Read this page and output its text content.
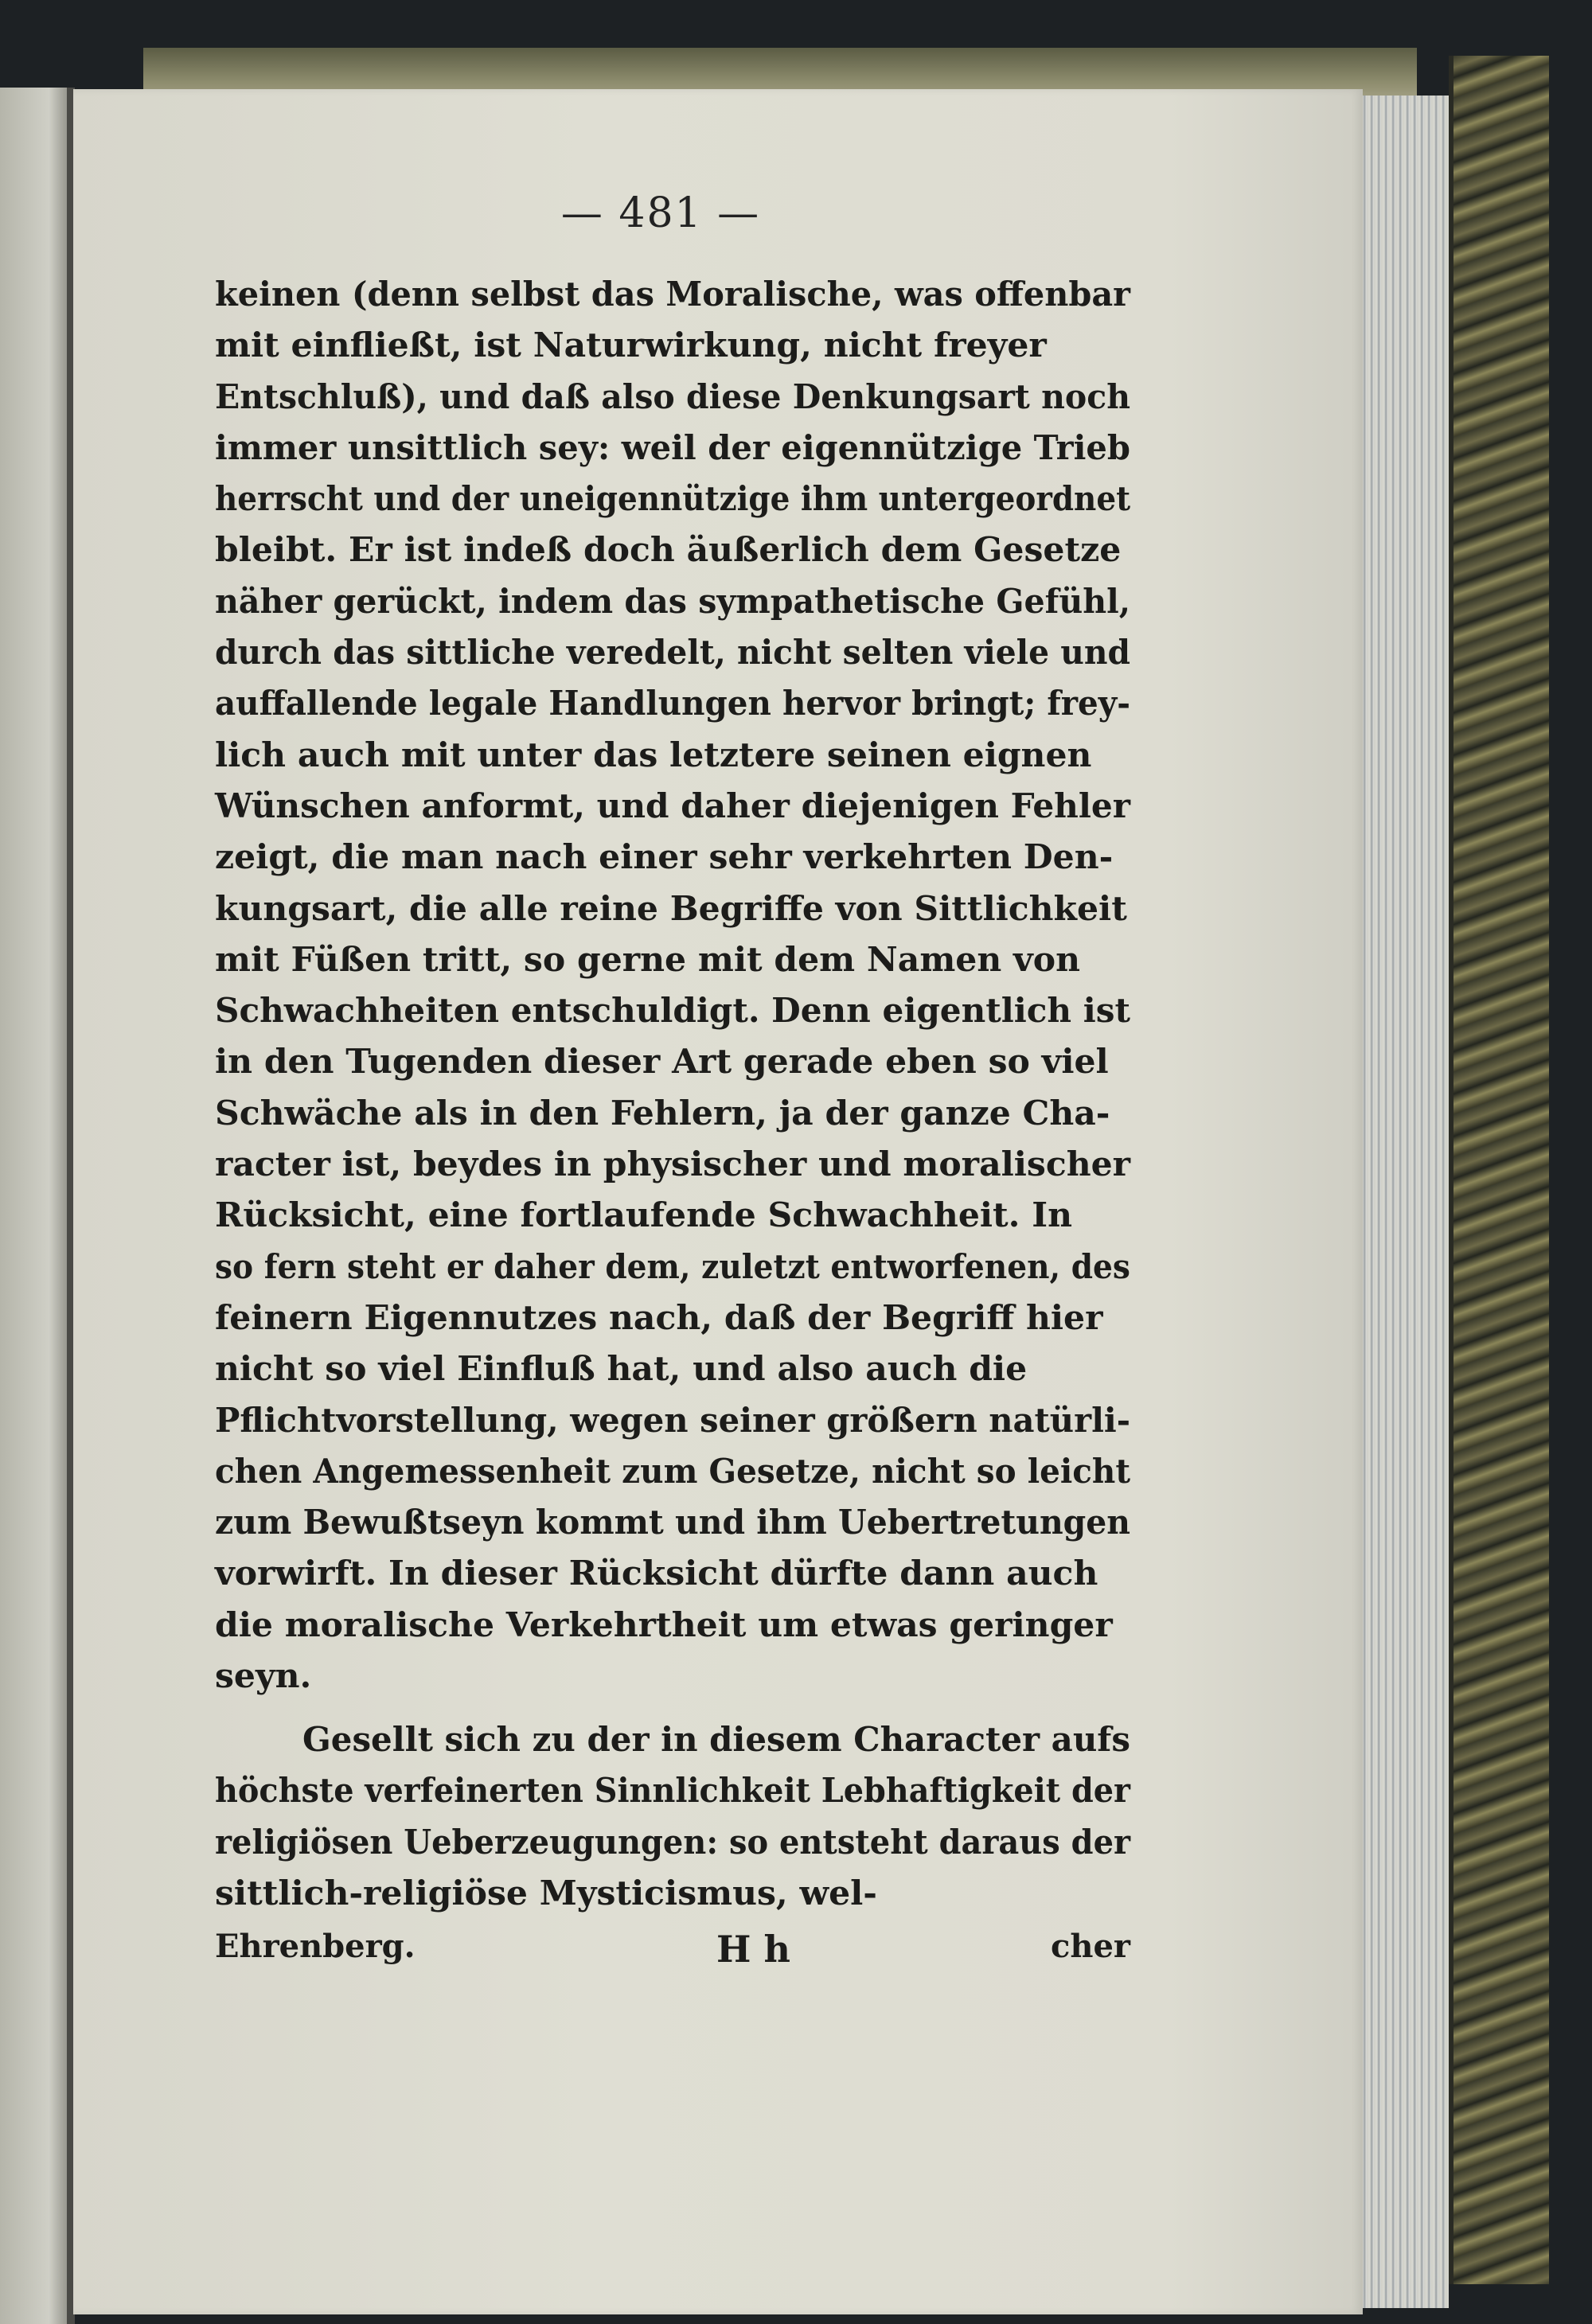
— 481 —
keinen (denn selbst das Moralische, was offenbar
mit einfließt, ist Naturwirkung, nicht freyer
Entschluß), und daß also diese Denkungsart noch
immer unsittlich sey: weil der eigennützige Trieb
herrscht und der uneigennützige ihm untergeordnet
bleibt. Er ist indeß doch äußerlich dem Gesetze
näher gerückt, indem das sympathetische Gefühl,
durch das sittliche veredelt, nicht selten viele und
auffallende legale Handlungen hervor bringt; frey-
lich auch mit unter das letztere seinen eignen
Wünschen anformt, und daher diejenigen Fehler
zeigt, die man nach einer sehr verkehrten Den-
kungsart, die alle reine Begriffe von Sittlichkeit
mit Füßen tritt, so gerne mit dem Namen von
Schwachheiten entschuldigt. Denn eigentlich ist
in den Tugenden dieser Art gerade eben so viel
Schwäche als in den Fehlern, ja der ganze Cha-
racter ist, beydes in physischer und moralischer
Rücksicht, eine fortlaufende Schwachheit. In
so fern steht er daher dem, zuletzt entworfenen, des
feinern Eigennutzes nach, daß der Begriff hier
nicht so viel Einfluß hat, und also auch die
Pflichtvorstellung, wegen seiner größern natürli-
chen Angemessenheit zum Gesetze, nicht so leicht
zum Bewußtseyn kommt und ihm Uebertretungen
vorwirft. In dieser Rücksicht dürfte dann auch
die moralische Verkehrtheit um etwas geringer
seyn.
Gesellt sich zu der in diesem Character aufs
höchste verfeinerten Sinnlichkeit Lebhaftigkeit der
religiösen Ueberzeugungen: so entsteht daraus der
sittlich-religiöse Mysticismus, wel-
Ehrenberg.	H h	cher
